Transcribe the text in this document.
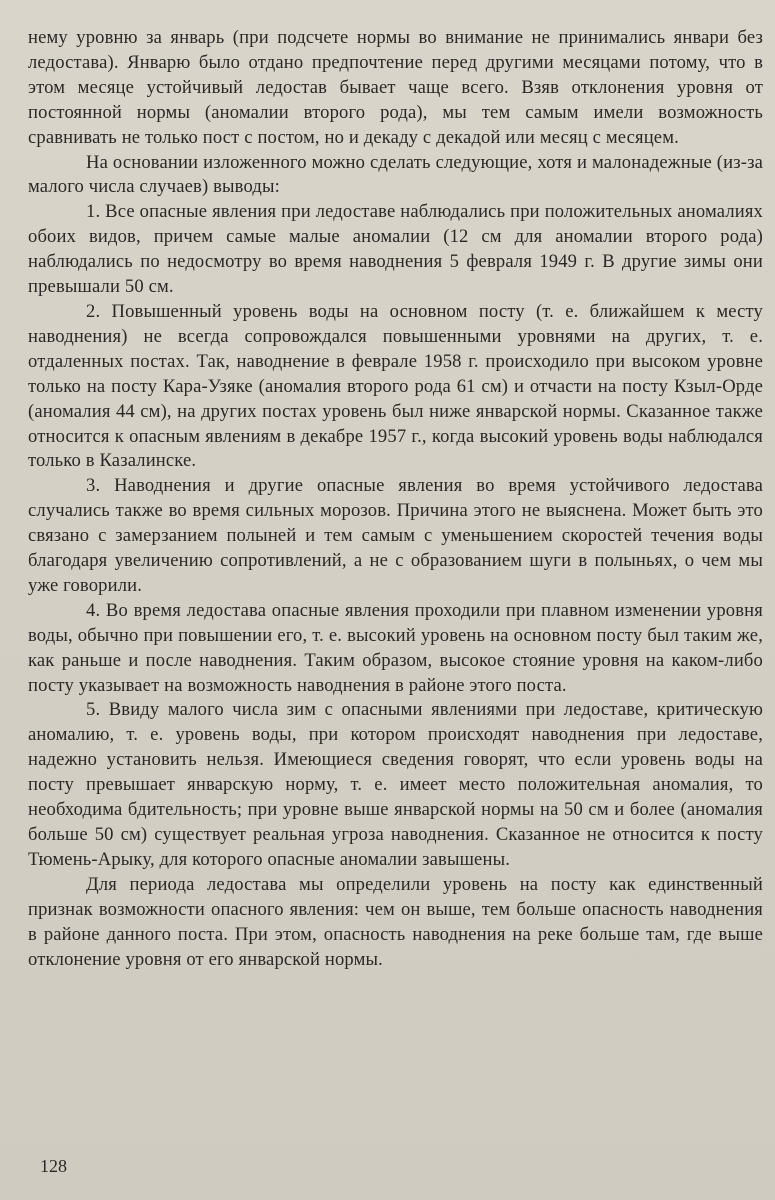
нему уровню за январь (при подсчете нормы во внимание не принимались январи без ледостава). Январю было отдано предпочтение перед другими месяцами потому, что в этом месяце устойчивый ледостав бывает чаще всего. Взяв отклонения уровня от постоянной нормы (аномалии второго рода), мы тем самым имели возможность сравнивать не только пост с постом, но и декаду с декадой или месяц с месяцем.

На основании изложенного можно сделать следующие, хотя и малонадежные (из-за малого числа случаев) выводы:

1. Все опасные явления при ледоставе наблюдались при положительных аномалиях обоих видов, причем самые малые аномалии (12 см для аномалии второго рода) наблюдались по недосмотру во время наводнения 5 февраля 1949 г. В другие зимы они превышали 50 см.

2. Повышенный уровень воды на основном посту (т. е. ближайшем к месту наводнения) не всегда сопровождался повышенными уровнями на других, т. е. отдаленных постах. Так, наводнение в феврале 1958 г. происходило при высоком уровне только на посту Кара-Узяке (аномалия второго рода 61 см) и отчасти на посту Кзыл-Орде (аномалия 44 см), на других постах уровень был ниже январской нормы. Сказанное также относится к опасным явлениям в декабре 1957 г., когда высокий уровень воды наблюдался только в Казалинске.

3. Наводнения и другие опасные явления во время устойчивого ледостава случались также во время сильных морозов. Причина этого не выяснена. Может быть это связано с замерзанием полыней и тем самым с уменьшением скоростей течения воды благодаря увеличению сопротивлений, а не с образованием шуги в полыньях, о чем мы уже говорили.

4. Во время ледостава опасные явления проходили при плавном изменении уровня воды, обычно при повышении его, т. е. высокий уровень на основном посту был таким же, как раньше и после наводнения. Таким образом, высокое стояние уровня на каком-либо посту указывает на возможность наводнения в районе этого поста.

5. Ввиду малого числа зим с опасными явлениями при ледоставе, критическую аномалию, т. е. уровень воды, при котором происходят наводнения при ледоставе, надежно установить нельзя. Имеющиеся сведения говорят, что если уровень воды на посту превышает январскую норму, т. е. имеет место положительная аномалия, то необходима бдительность; при уровне выше январской нормы на 50 см и более (аномалия больше 50 см) существует реальная угроза наводнения. Сказанное не относится к посту Тюмень-Арыку, для которого опасные аномалии завышены.

Для периода ледостава мы определили уровень на посту как единственный признак возможности опасного явления: чем он выше, тем больше опасность наводнения в районе данного поста. При этом, опасность наводнения на реке больше там, где выше отклонение уровня от его январской нормы.

128
